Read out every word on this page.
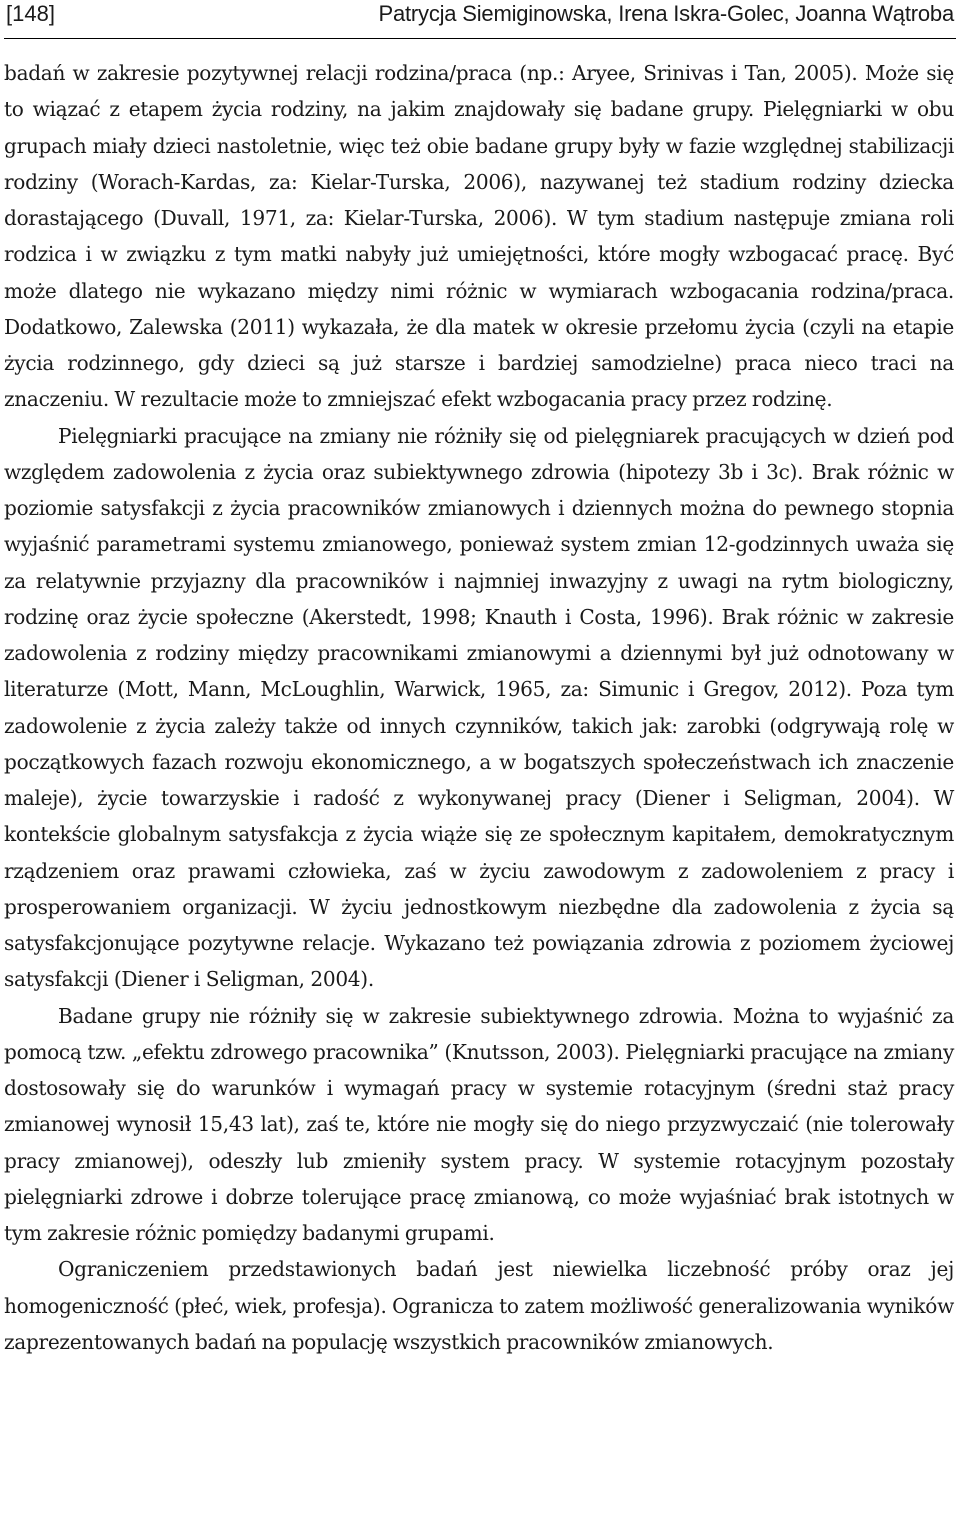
[148]	Patrycja Siemiginowska, Irena Iskra-Golec, Joanna Wątroba

badań w zakresie pozytywnej relacji rodzina/praca (np.: Aryee, Srinivas i Tan, 2005). Może się to wiązać z etapem życia rodziny, na jakim znajdowały się badane grupy. Pielęgniarki w obu grupach miały dzieci nastoletnie, więc też obie badane grupy były w fazie względnej stabilizacji rodziny (Worach-Kardas, za: Kielar-Turska, 2006), nazywanej też stadium rodziny dziecka dorastającego (Duvall, 1971, za: Kielar-Turska, 2006). W tym stadium następuje zmiana roli rodzica i w związku z tym matki nabyły już umiejętności, które mogły wzbogacać pracę. Być może dlatego nie wykazano między nimi różnic w wymiarach wzbogacania rodzina/praca. Dodatkowo, Zalewska (2011) wykazała, że dla matek w okresie przełomu życia (czyli na etapie życia rodzinnego, gdy dzieci są już starsze i bardziej samodzielne) praca nieco traci na znaczeniu. W rezultacie może to zmniejszać efekt wzbogacania pracy przez rodzinę.

Pielęgniarki pracujące na zmiany nie różniły się od pielęgniarek pracujących w dzień pod względem zadowolenia z życia oraz subiektywnego zdrowia (hipotezy 3b i 3c). Brak różnic w poziomie satysfakcji z życia pracowników zmianowych i dziennych można do pewnego stopnia wyjaśnić parametrami systemu zmianowego, ponieważ system zmian 12-godzinnych uważa się za relatywnie przyjazny dla pracowników i najmniej inwazyjny z uwagi na rytm biologiczny, rodzinę oraz życie społeczne (Akerstedt, 1998; Knauth i Costa, 1996). Brak różnic w zakresie zadowolenia z rodziny między pracownikami zmianowymi a dziennymi był już odnotowany w literaturze (Mott, Mann, McLoughlin, Warwick, 1965, za: Simunic i Gregov, 2012). Poza tym zadowolenie z życia zależy także od innych czynników, takich jak: zarobki (odgrywają rolę w początkowych fazach rozwoju ekonomicznego, a w bogatszych społeczeństwach ich znaczenie maleje), życie towarzyskie i radość z wykonywanej pracy (Diener i Seligman, 2004). W kontekście globalnym satysfakcja z życia wiąże się ze społecznym kapitałem, demokratycznym rządzeniem oraz prawami człowieka, zaś w życiu zawodowym z zadowoleniem z pracy i prosperowaniem organizacji. W życiu jednostkowym niezbędne dla zadowolenia z życia są satysfakcjonujące pozytywne relacje. Wykazano też powiązania zdrowia z poziomem życiowej satysfakcji (Diener i Seligman, 2004).

Badane grupy nie różniły się w zakresie subiektywnego zdrowia. Można to wyjaśnić za pomocą tzw. „efektu zdrowego pracownika” (Knutsson, 2003). Pielęgniarki pracujące na zmiany dostosowały się do warunków i wymagań pracy w systemie rotacyjnym (średni staż pracy zmianowej wynosił 15,43 lat), zaś te, które nie mogły się do niego przyzwyczaić (nie tolerowały pracy zmianowej), odeszły lub zmieniły system pracy. W systemie rotacyjnym pozostały pielęgniarki zdrowe i dobrze tolerujące pracę zmianową, co może wyjaśniać brak istotnych w tym zakresie różnic pomiędzy badanymi grupami.

Ograniczeniem przedstawionych badań jest niewielka liczebność próby oraz jej homogeniczność (płeć, wiek, profesja). Ogranicza to zatem możliwość generalizowania wyników zaprezentowanych badań na populację wszystkich pracowników zmianowych.
